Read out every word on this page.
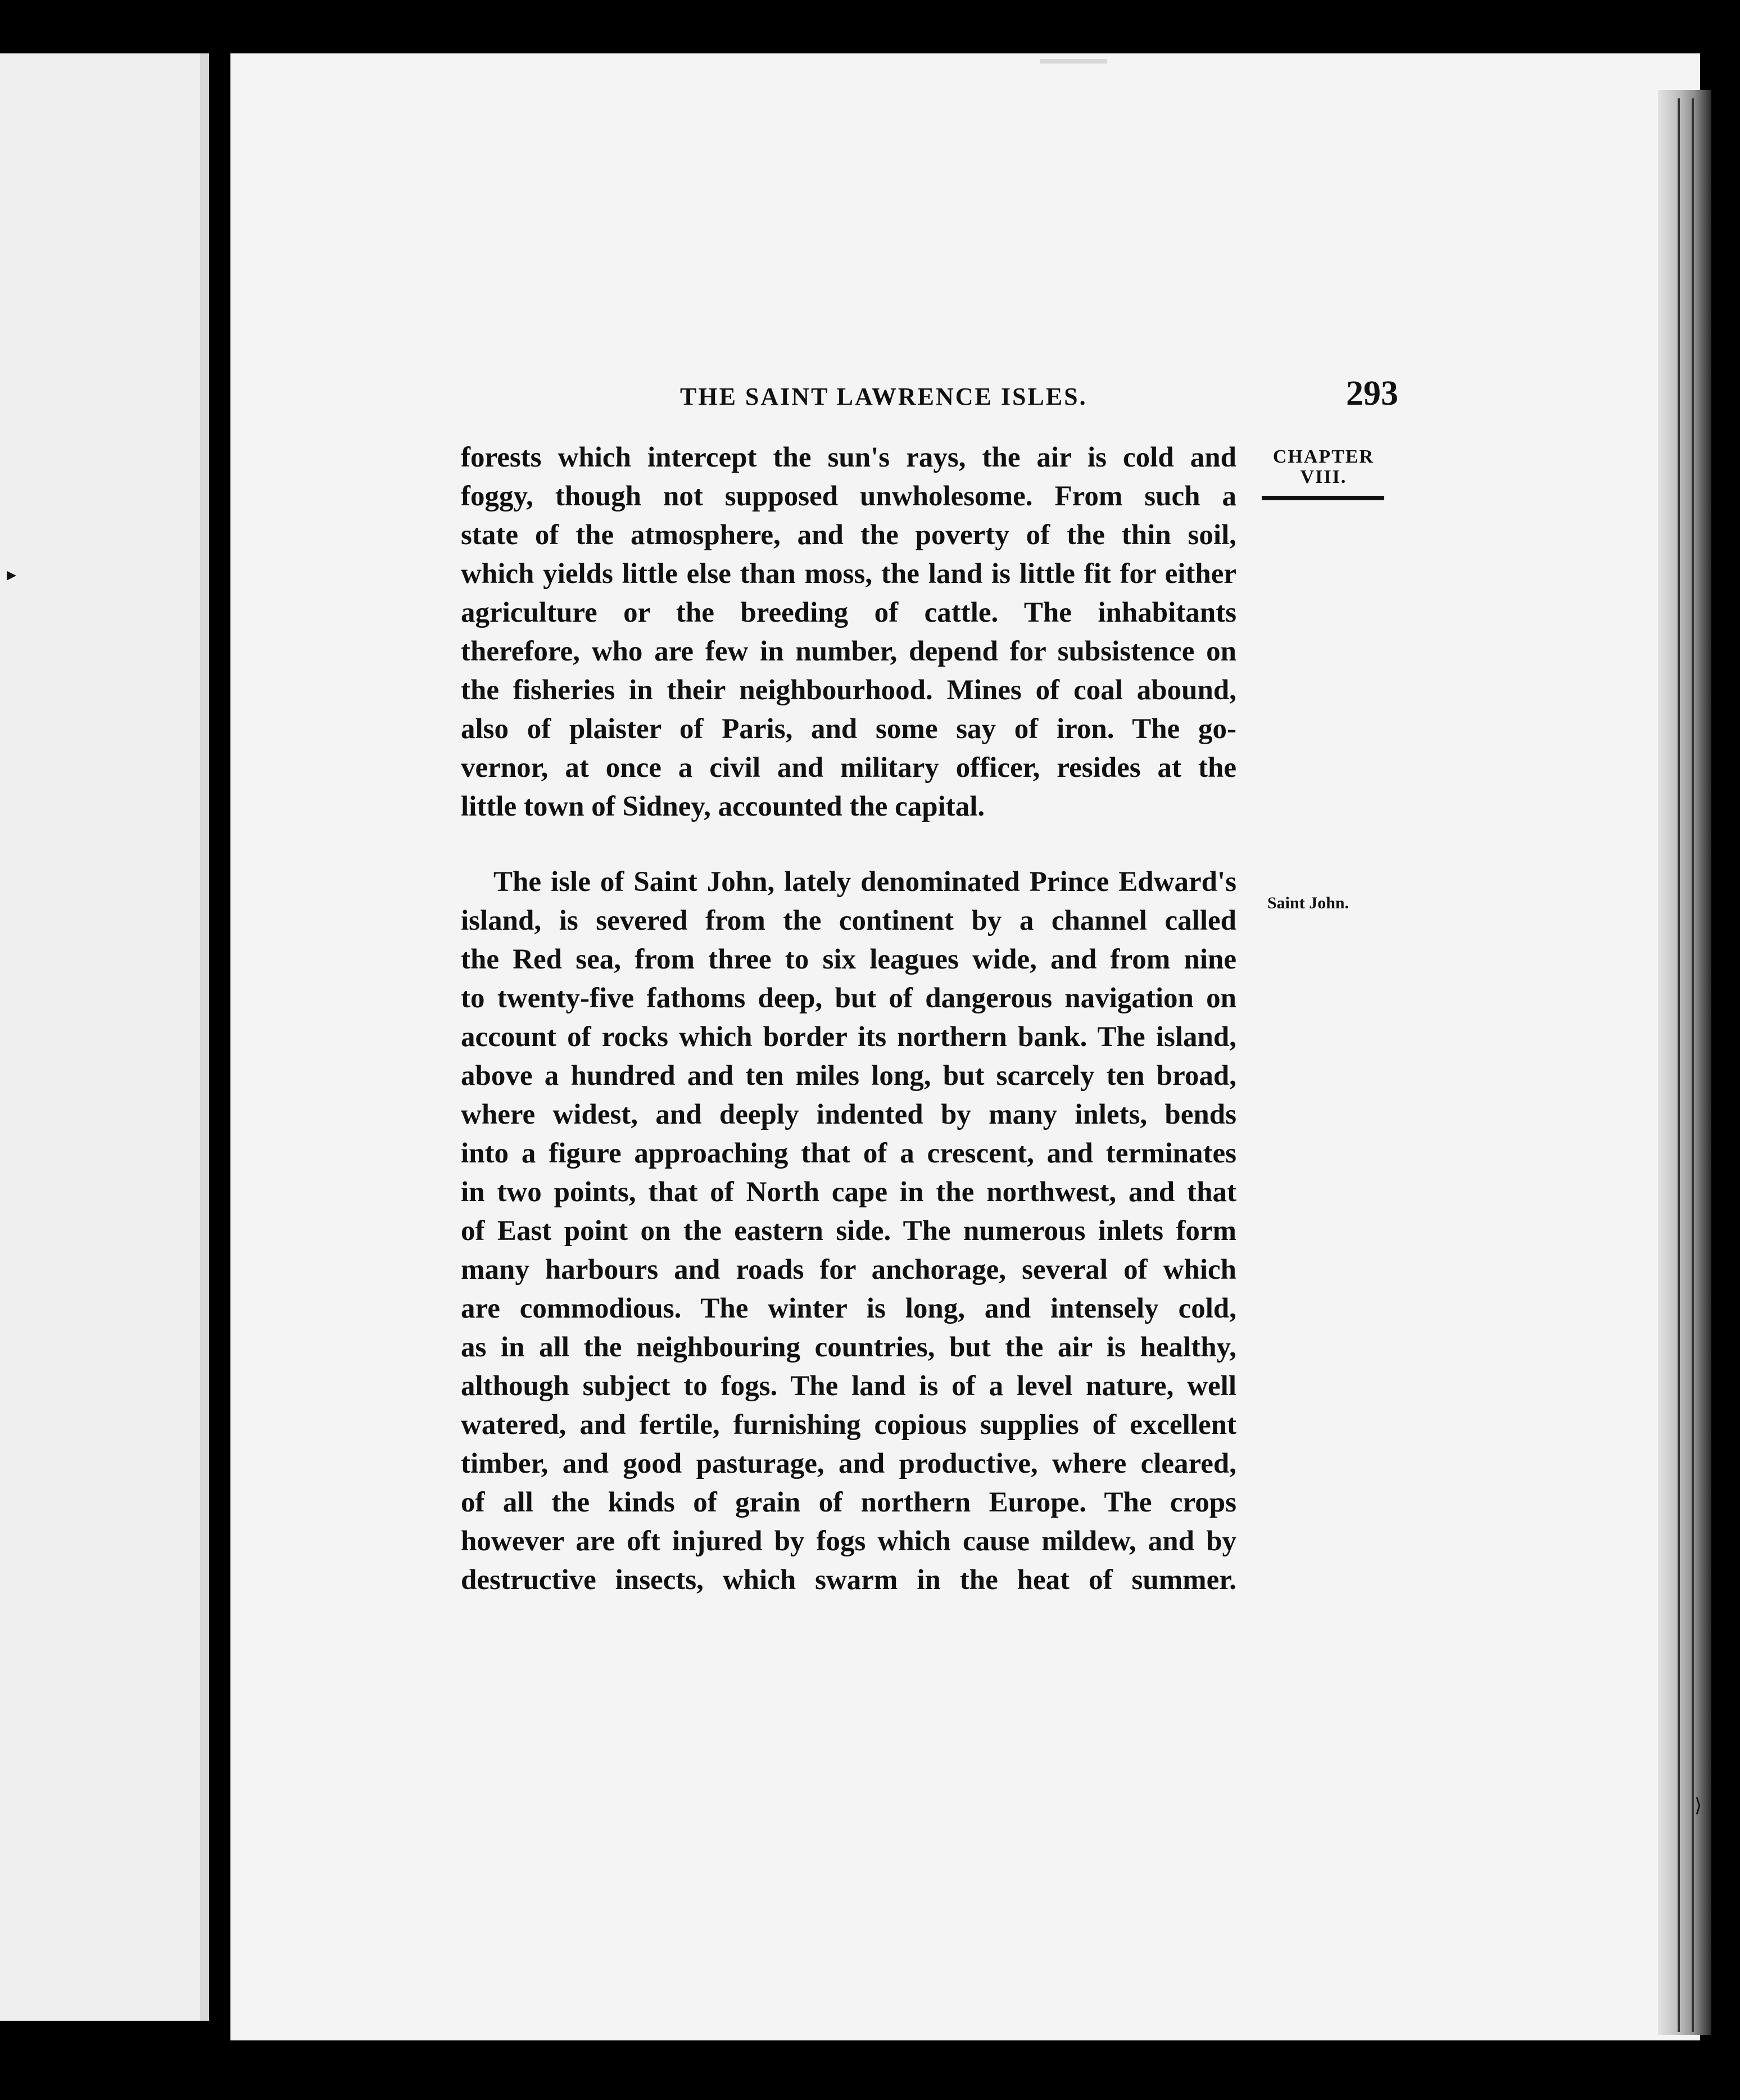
▸
⟩
THE SAINT LAWRENCE ISLES.	293
CHAPTER
VIII.
Saint John.
forests which intercept the sun's rays, the air is cold and
foggy, though not supposed unwholesome. From such a
state of the atmosphere, and the poverty of the thin soil,
which yields little else than moss, the land is little fit for either
agriculture or the breeding of cattle. The inhabitants
therefore, who are few in number, depend for subsistence on
the fisheries in their neighbourhood. Mines of coal abound,
also of plaister of Paris, and some say of iron. The go-
vernor, at once a civil and military officer, resides at the
little town of Sidney, accounted the capital.
The isle of Saint John, lately denominated Prince Edward's
island, is severed from the continent by a channel called
the Red sea, from three to six leagues wide, and from nine
to twenty-five fathoms deep, but of dangerous navigation on
account of rocks which border its northern bank. The island,
above a hundred and ten miles long, but scarcely ten broad,
where widest, and deeply indented by many inlets, bends
into a figure approaching that of a crescent, and terminates
in two points, that of North cape in the northwest, and that
of East point on the eastern side. The numerous inlets form
many harbours and roads for anchorage, several of which
are commodious. The winter is long, and intensely cold,
as in all the neighbouring countries, but the air is healthy,
although subject to fogs. The land is of a level nature, well
watered, and fertile, furnishing copious supplies of excellent
timber, and good pasturage, and productive, where cleared,
of all the kinds of grain of northern Europe. The crops
however are oft injured by fogs which cause mildew, and by
destructive insects, which swarm in the heat of summer.
